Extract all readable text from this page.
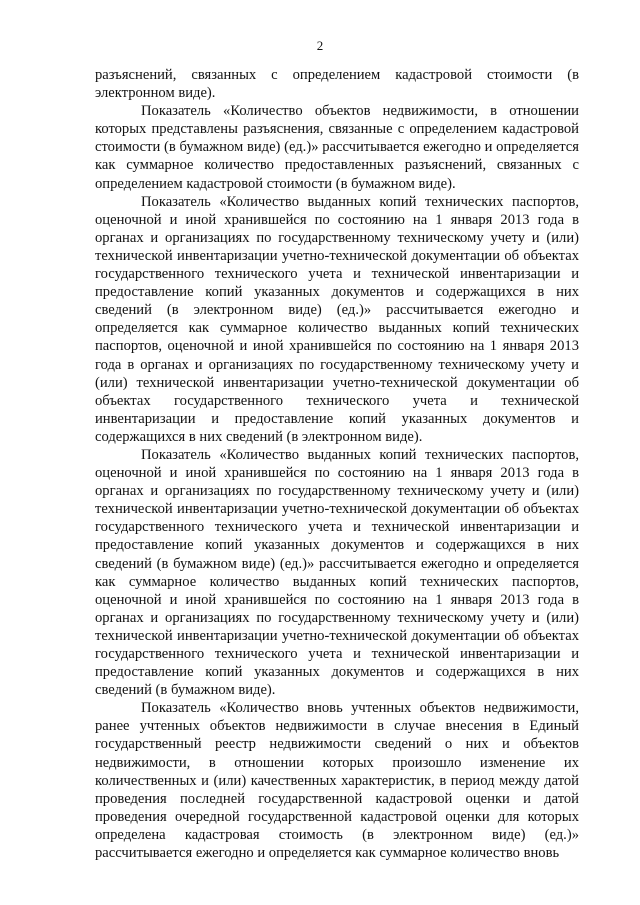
2

разъяснений, связанных с определением кадастровой стоимости (в электронном виде).

Показатель «Количество объектов недвижимости, в отношении которых представлены разъяснения, связанные с определением кадастровой стоимости (в бумажном виде) (ед.)» рассчитывается ежегодно и определяется как суммарное количество предоставленных разъяснений, связанных с определением кадастровой стоимости (в бумажном виде).

Показатель «Количество выданных копий технических паспортов, оценочной и иной хранившейся по состоянию на 1 января 2013 года в органах и организациях по государственному техническому учету и (или) технической инвентаризации учетно-технической документации об объектах государственного технического учета и технической инвентаризации и предоставление копий указанных документов и содержащихся в них сведений (в электронном виде) (ед.)» рассчитывается ежегодно и определяется как суммарное количество выданных копий технических паспортов, оценочной и иной хранившейся по состоянию на 1 января 2013 года в органах и организациях по государственному техническому учету и (или) технической инвентаризации учетно-технической документации об объектах государственного технического учета и технической инвентаризации и предоставление копий указанных документов и содержащихся в них сведений (в электронном виде).

Показатель «Количество выданных копий технических паспортов, оценочной и иной хранившейся по состоянию на 1 января 2013 года в органах и организациях по государственному техническому учету и (или) технической инвентаризации учетно-технической документации об объектах государственного технического учета и технической инвентаризации и предоставление копий указанных документов и содержащихся в них сведений (в бумажном виде) (ед.)» рассчитывается ежегодно и определяется как суммарное количество выданных копий технических паспортов, оценочной и иной хранившейся по состоянию на 1 января 2013 года в органах и организациях по государственному техническому учету и (или) технической инвентаризации учетно-технической документации об объектах государственного технического учета и технической инвентаризации и предоставление копий указанных документов и содержащихся в них сведений (в бумажном виде).

Показатель «Количество вновь учтенных объектов недвижимости, ранее учтенных объектов недвижимости в случае внесения в Единый государственный реестр недвижимости сведений о них и объектов недвижимости, в отношении которых произошло изменение их количественных и (или) качественных характеристик, в период между датой проведения последней государственной кадастровой оценки и датой проведения очередной государственной кадастровой оценки для которых определена кадастровая стоимость (в электронном виде) (ед.)» рассчитывается ежегодно и определяется как суммарное количество вновь
